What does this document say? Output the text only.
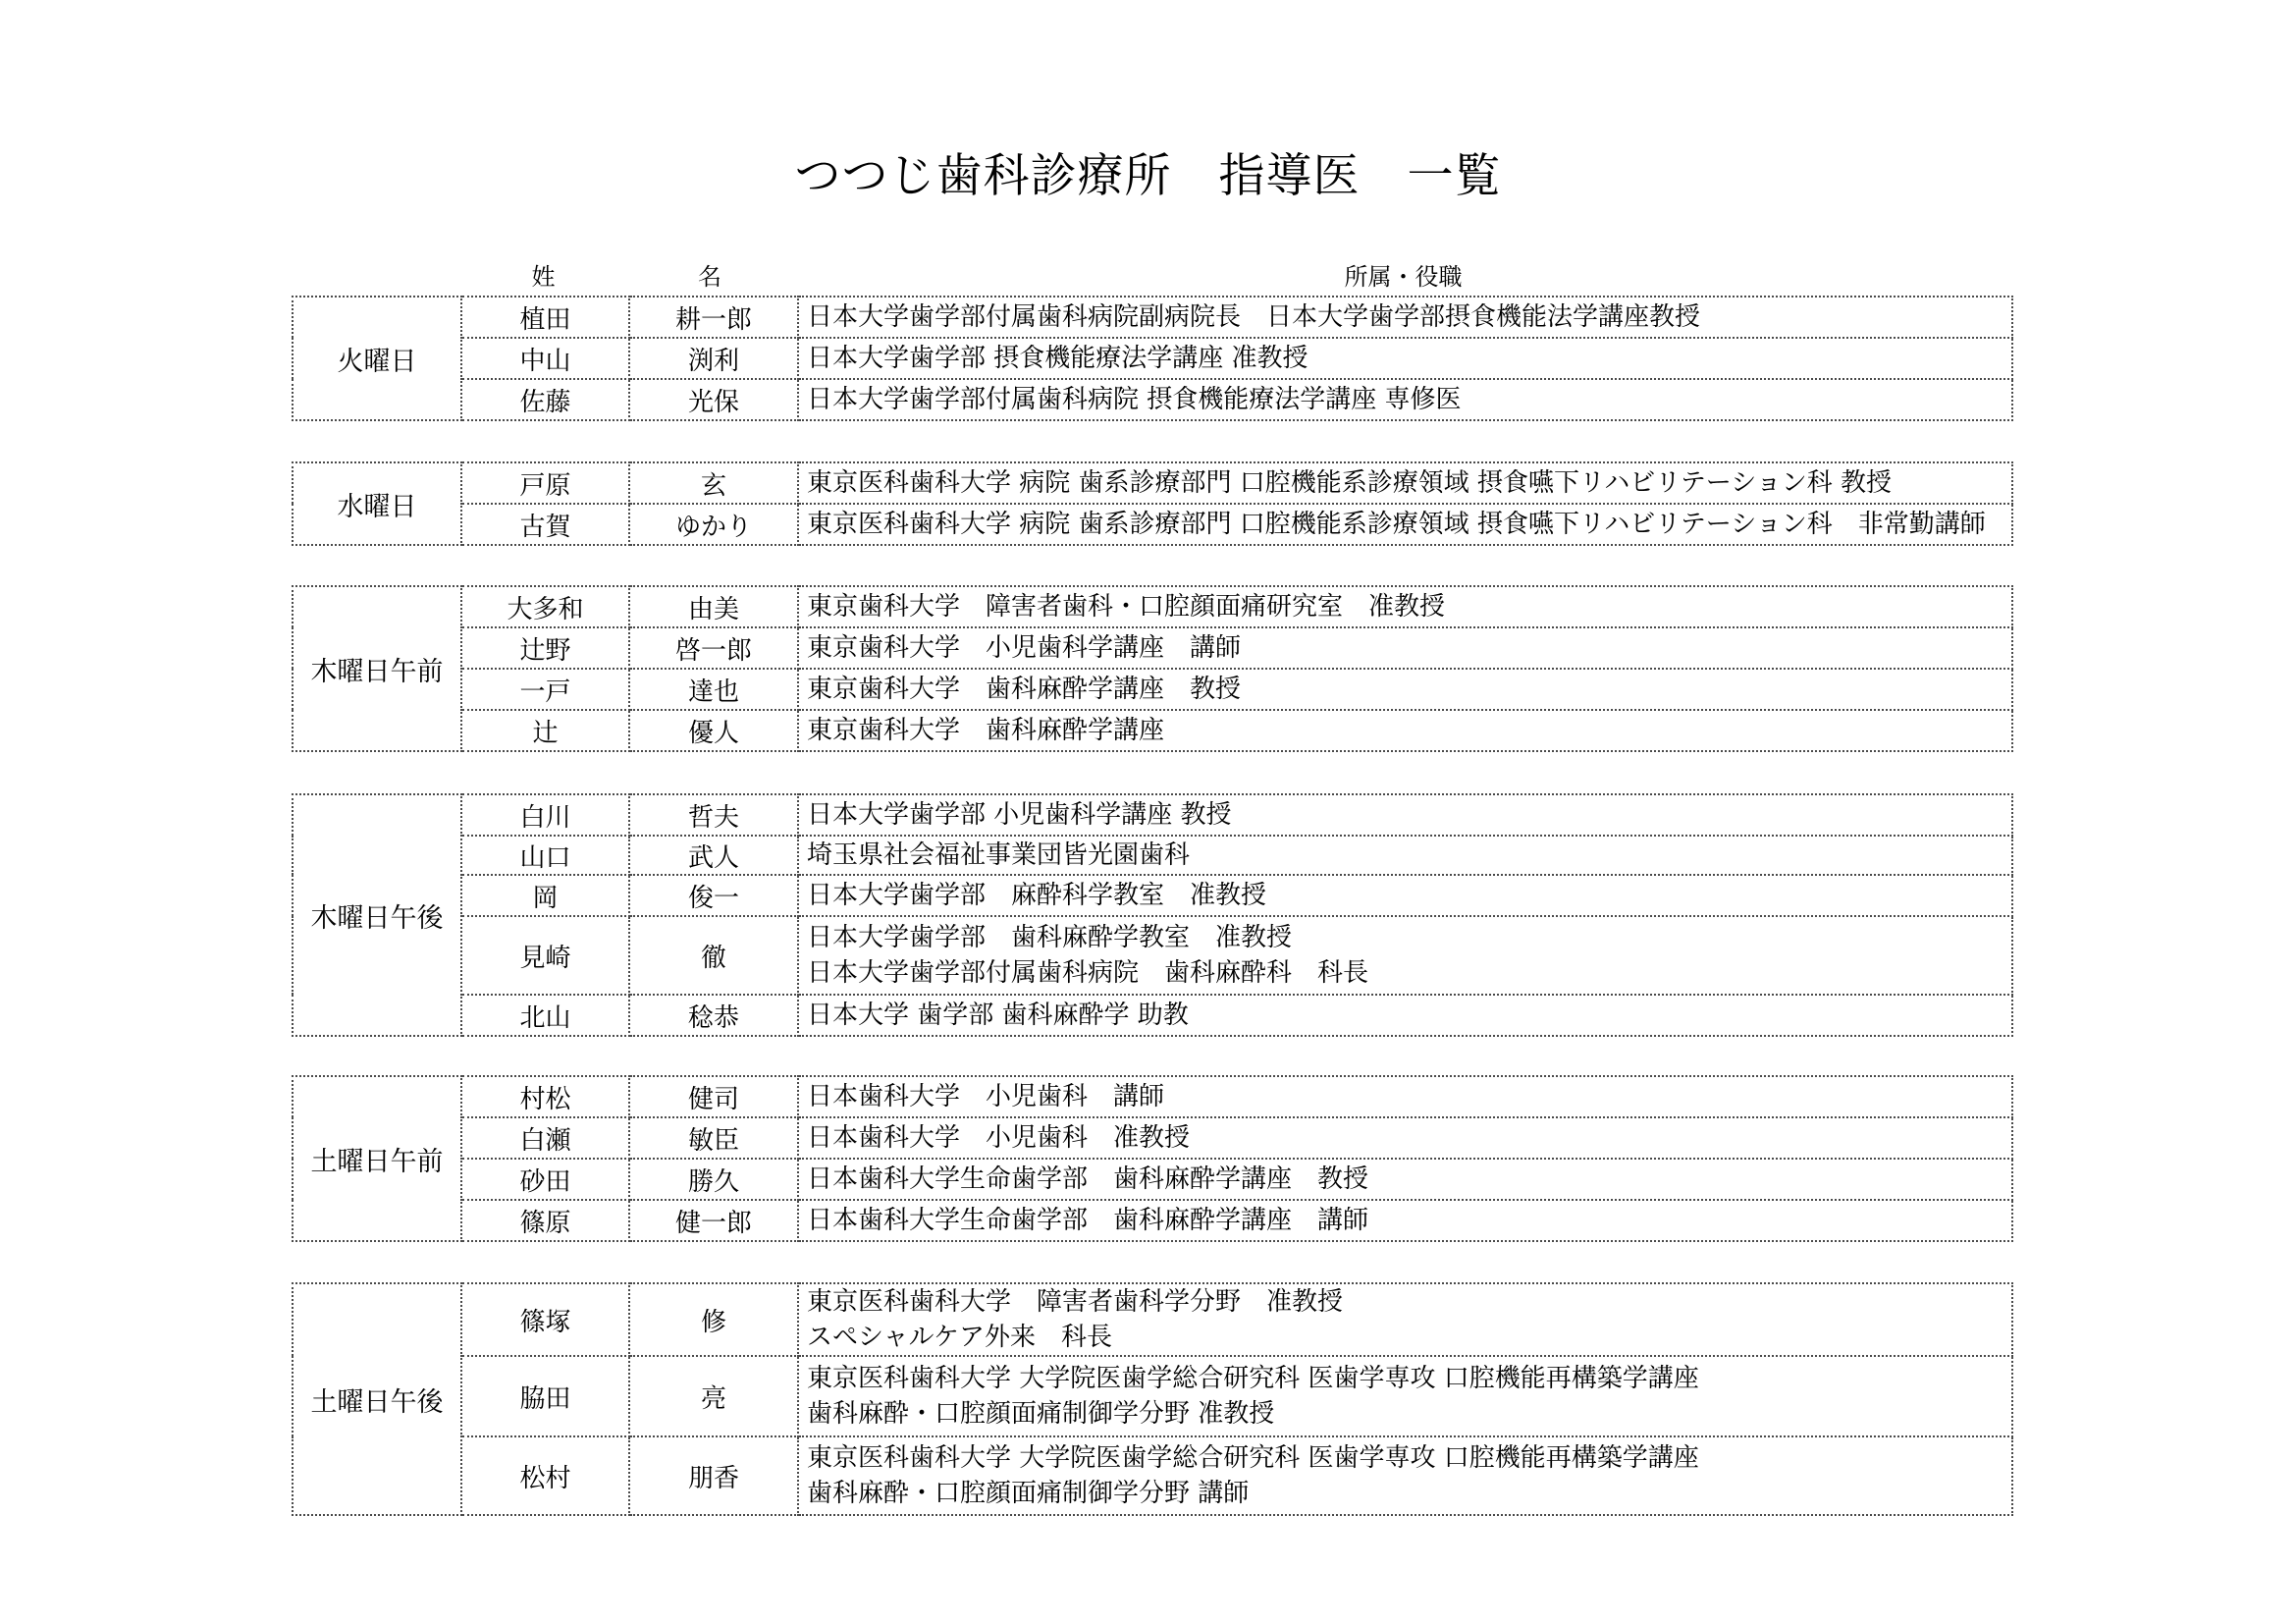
つつじ歯科診療所　指導医　一覧
姓	名	所属・役職
火曜日	植田	耕一郎	日本大学歯学部付属歯科病院副病院長　日本大学歯学部摂食機能法学講座教授

	中山	渕利	日本大学歯学部 摂食機能療法学講座 准教授

	佐藤	光保	日本大学歯学部付属歯科病院 摂食機能療法学講座 専修医
水曜日	戸原	玄	東京医科歯科大学 病院 歯系診療部門 口腔機能系診療領域 摂食嚥下リハビリテーション科 教授

	古賀	ゆかり	東京医科歯科大学 病院 歯系診療部門 口腔機能系診療領域 摂食嚥下リハビリテーション科　非常勤講師
木曜日午前	大多和	由美	東京歯科大学　障害者歯科・口腔顔面痛研究室　准教授

	辻野	啓一郎	東京歯科大学　小児歯科学講座　講師

	一戸	達也	東京歯科大学　歯科麻酔学講座　教授

	辻	優人	東京歯科大学　歯科麻酔学講座
木曜日午後	白川	哲夫	日本大学歯学部 小児歯科学講座 教授

	山口	武人	埼玉県社会福祉事業団皆光園歯科

	岡	俊一	日本大学歯学部　麻酔科学教室　准教授

	見崎	徹	日本大学歯学部　歯科麻酔学教室　准教授
日本大学歯学部付属歯科病院　歯科麻酔科　科長

	北山	稔恭	日本大学 歯学部 歯科麻酔学 助教
土曜日午前	村松	健司	日本歯科大学　小児歯科　講師

	白瀬	敏臣	日本歯科大学　小児歯科　准教授

	砂田	勝久	日本歯科大学生命歯学部　歯科麻酔学講座　教授

	篠原	健一郎	日本歯科大学生命歯学部　歯科麻酔学講座　講師
土曜日午後	篠塚	修	東京医科歯科大学　障害者歯科学分野　准教授
スペシャルケア外来　科長

	脇田	亮	東京医科歯科大学 大学院医歯学総合研究科 医歯学専攻 口腔機能再構築学講座
歯科麻酔・口腔顔面痛制御学分野 准教授

	松村	朋香	東京医科歯科大学 大学院医歯学総合研究科 医歯学専攻 口腔機能再構築学講座
歯科麻酔・口腔顔面痛制御学分野 講師
